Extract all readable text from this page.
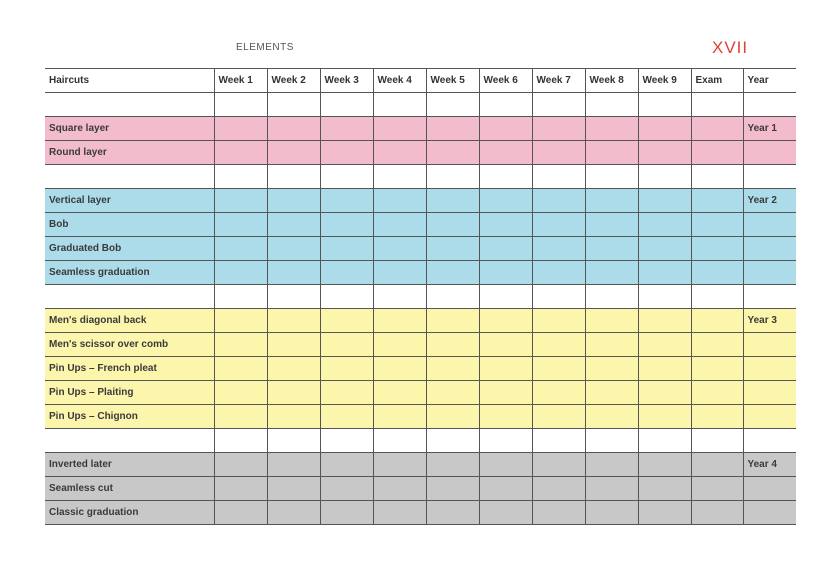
ELEMENTS	XVII
Haircuts	Week 1	Week 2	Week 3	Week 4	Week 5	Week 6	Week 7	Week 8	Week 9	Exam	Year

Square layer											Year 1
Round layer											

Vertical layer											Year 2
Bob											
Graduated Bob											
Seamless graduation											

Men's diagonal back											Year 3
Men's scissor over comb											
Pin Ups – French pleat											
Pin Ups – Plaiting											
Pin Ups – Chignon											

Inverted later											Year 4
Seamless cut											
Classic graduation											
